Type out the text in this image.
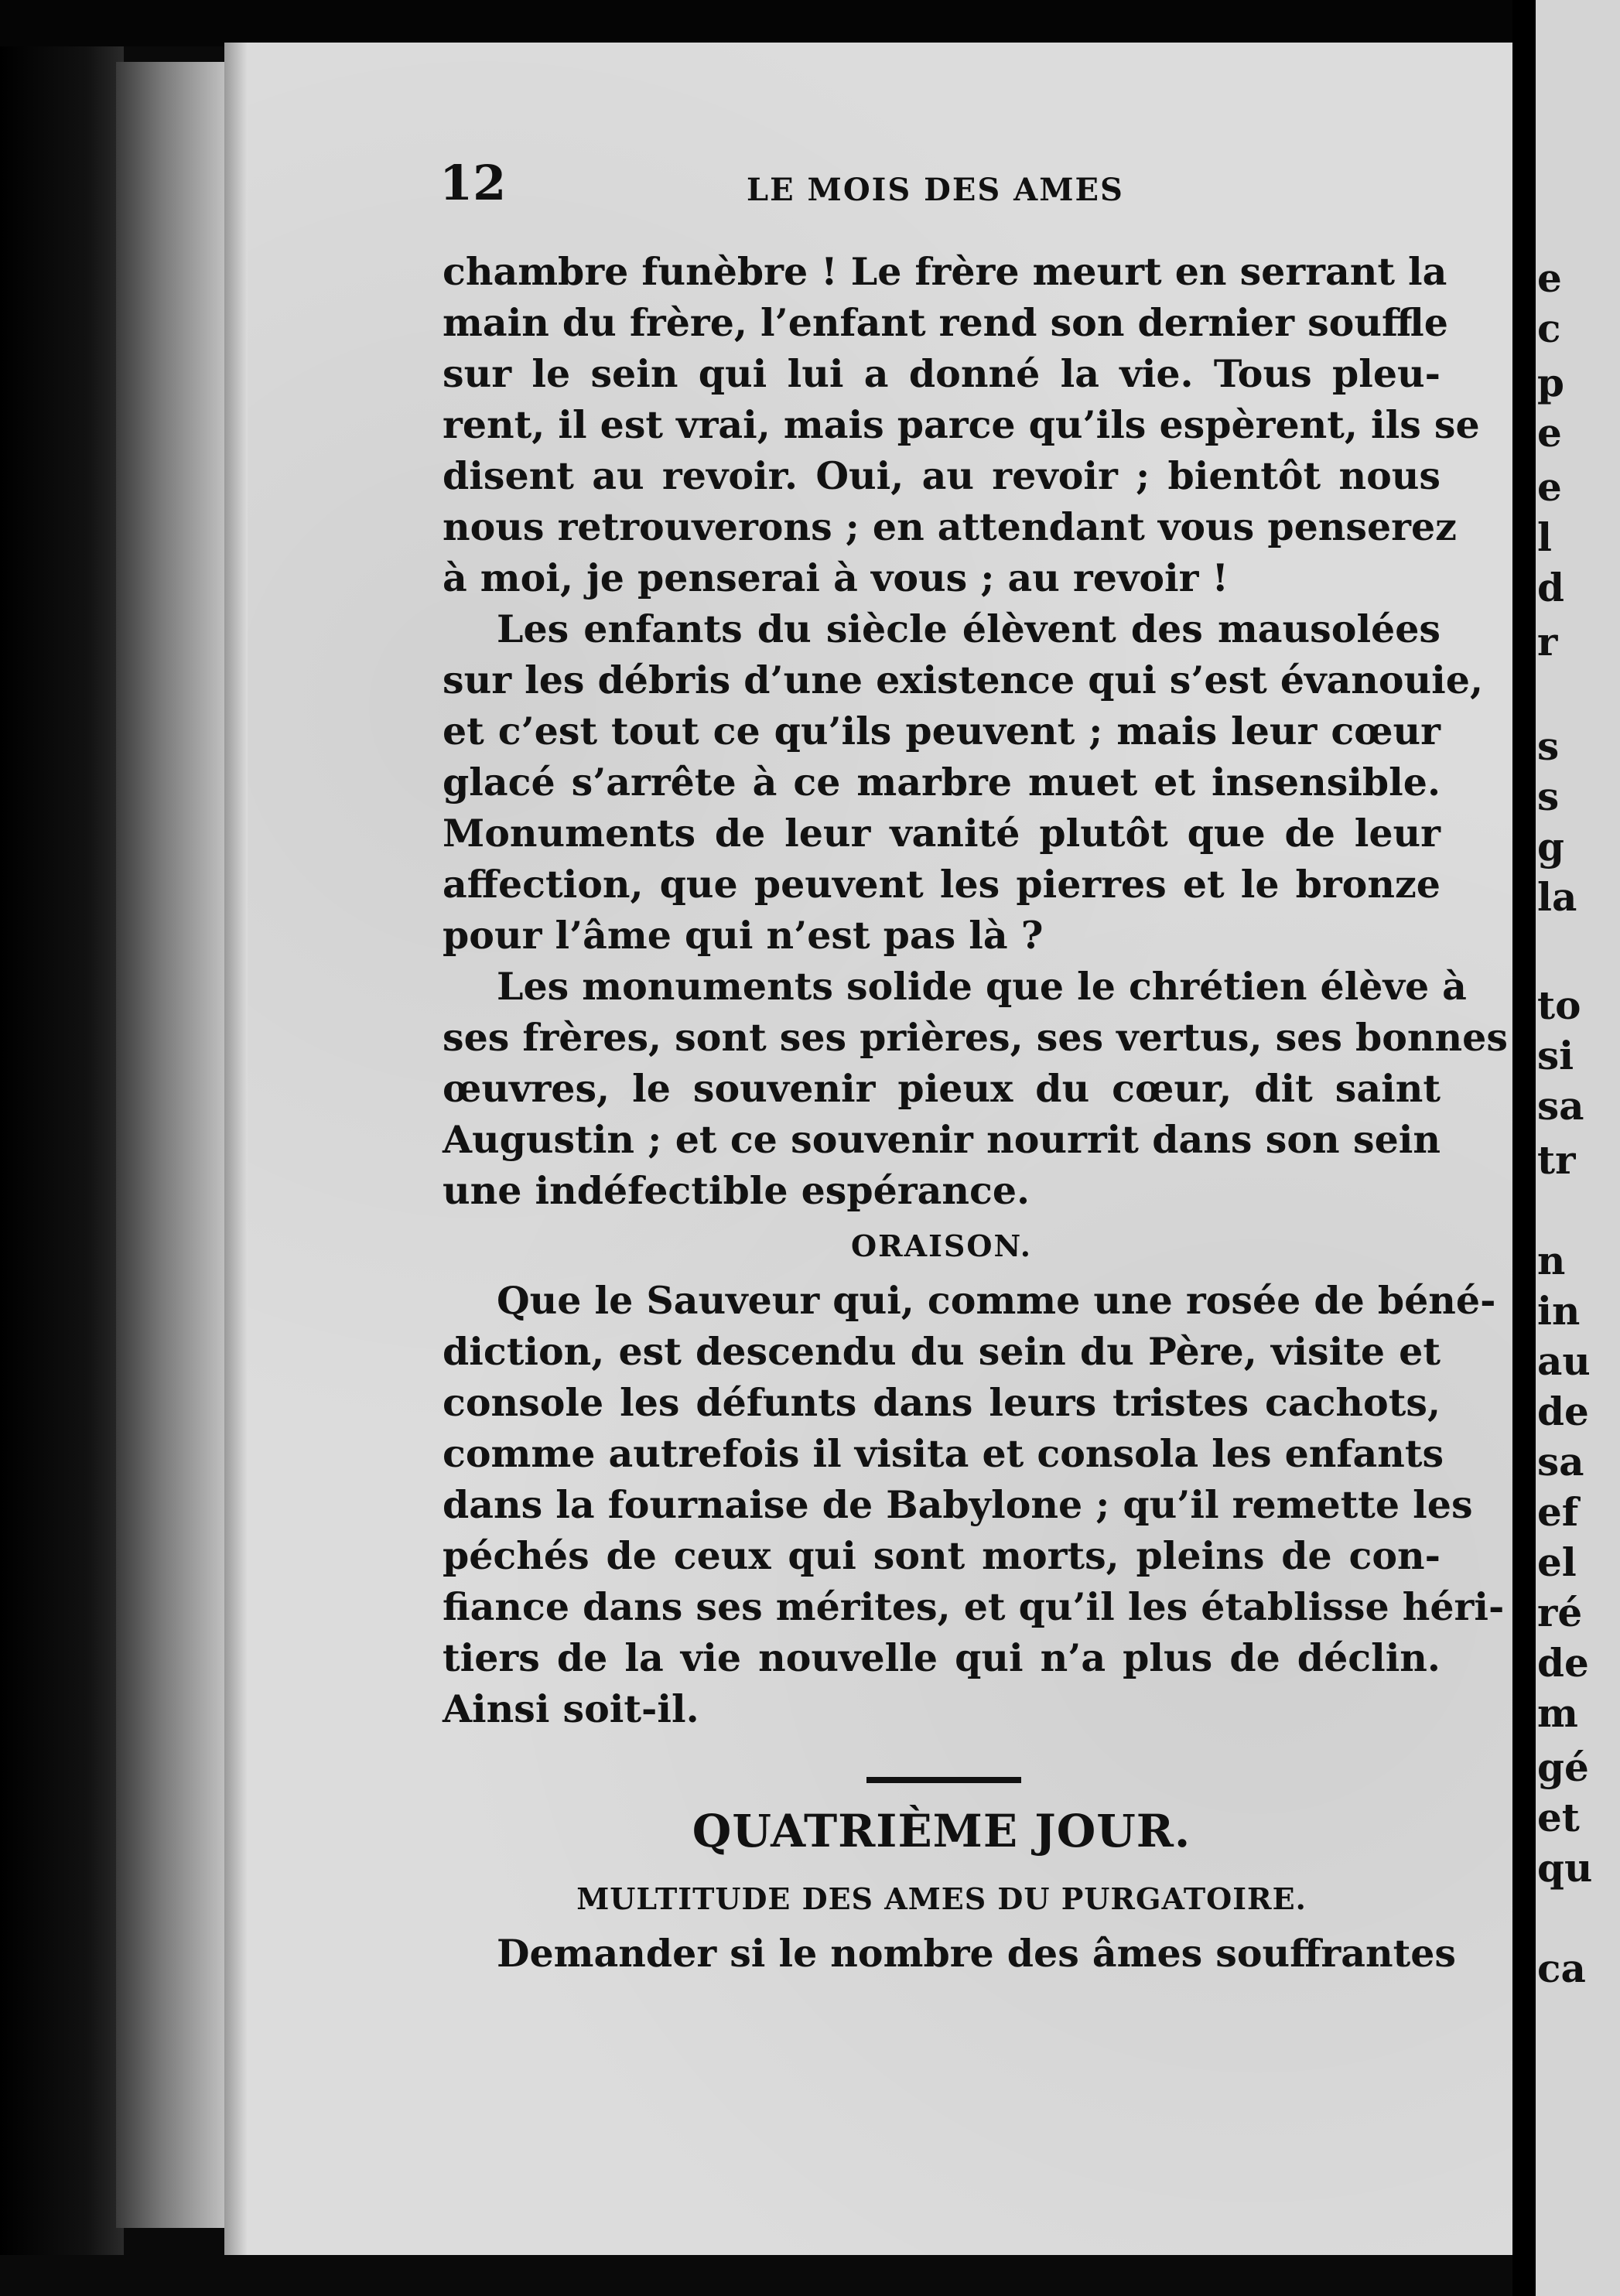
e
c
p
e
e
l
d
r
s
s
g
la
to
si
sa
tr
n
in
au
de
sa
ef
el
ré
de
m
gé
et
qu
ca
12	LE MOIS DES AMES
chambre funèbre ! Le frère meurt en serrant la
main du frère, l’enfant rend son dernier souffle
sur le sein qui lui a donné la vie. Tous pleu-
rent, il est vrai, mais parce qu’ils espèrent, ils se
disent au revoir. Oui, au revoir ; bientôt nous
nous retrouverons ; en attendant vous penserez
à moi, je penserai à vous ; au revoir !
Les enfants du siècle élèvent des mausolées
sur les débris d’une existence qui s’est évanouie,
et c’est tout ce qu’ils peuvent ; mais leur cœur
glacé s’arrête à ce marbre muet et insensible.
Monuments de leur vanité plutôt que de leur
affection, que peuvent les pierres et le bronze
pour l’âme qui n’est pas là ?
Les monuments solide que le chrétien élève à
ses frères, sont ses prières, ses vertus, ses bonnes
œuvres, le souvenir pieux du cœur, dit saint
Augustin ; et ce souvenir nourrit dans son sein
une indéfectible espérance.
ORAISON.
Que le Sauveur qui, comme une rosée de béné-
diction, est descendu du sein du Père, visite et
console les défunts dans leurs tristes cachots,
comme autrefois il visita et consola les enfants
dans la fournaise de Babylone ; qu’il remette les
péchés de ceux qui sont morts, pleins de con-
fiance dans ses mérites, et qu’il les établisse héri-
tiers de la vie nouvelle qui n’a plus de déclin.
Ainsi soit-il.
QUATRIÈME JOUR.
MULTITUDE DES AMES DU PURGATOIRE.
Demander si le nombre des âmes souffrantes
